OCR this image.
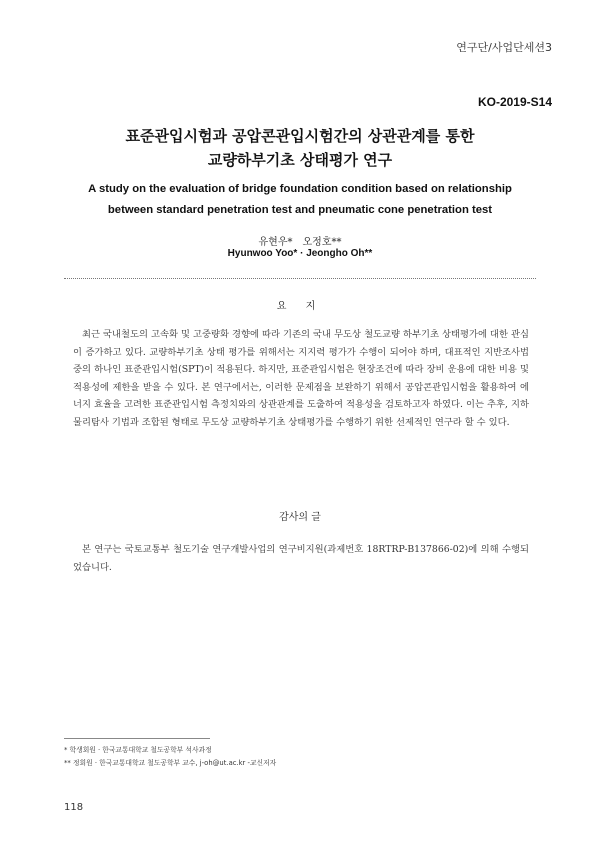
연구단/사업단세션3
KO-2019-S14
표준관입시험과 공압콘관입시험간의 상관관계를 통한
교량하부기초 상태평가 연구
A study on the evaluation of bridge foundation condition based on relationship
between standard penetration test and pneumatic cone penetration test
유현우* 오정호**
Hyunwoo Yoo* · Jeongho Oh**
요 지
최근 국내철도의 고속화 및 고중량화 경향에 따라 기존의 국내 무도상 철도교량 하부기초 상태평가에 대한 관심이 증가하고 있다. 교량하부기초 상태 평가를 위해서는 지지력 평가가 수행이 되어야 하며, 대표적인 지반조사법 중의 하나인 표준관입시험(SPT)이 적용된다. 하지만, 표준관입시험은 현장조건에 따라 장비 운용에 대한 비용 및 적용성에 제한을 받을 수 있다. 본 연구에서는, 이러한 문제점을 보완하기 위해서 공압콘관입시험을 활용하여 에너지 효율을 고려한 표준관입시험 측정치와의 상관관계를 도출하여 적용성을 검토하고자 하였다. 이는 추후, 지하물리탐사 기법과 조합된 형태로 무도상 교량하부기초 상태평가를 수행하기 위한 선제적인 연구라 할 수 있다.
감사의 글
본 연구는 국토교통부 철도기술 연구개발사업의 연구비지원(과제번호 18RTRP-B137866-02)에 의해 수행되었습니다.
* 학생회원 · 한국교통대학교 철도공학부 석사과정
** 정회원 · 한국교통대학교 철도공학부 교수, j-oh@ut.ac.kr -교신저자
118
